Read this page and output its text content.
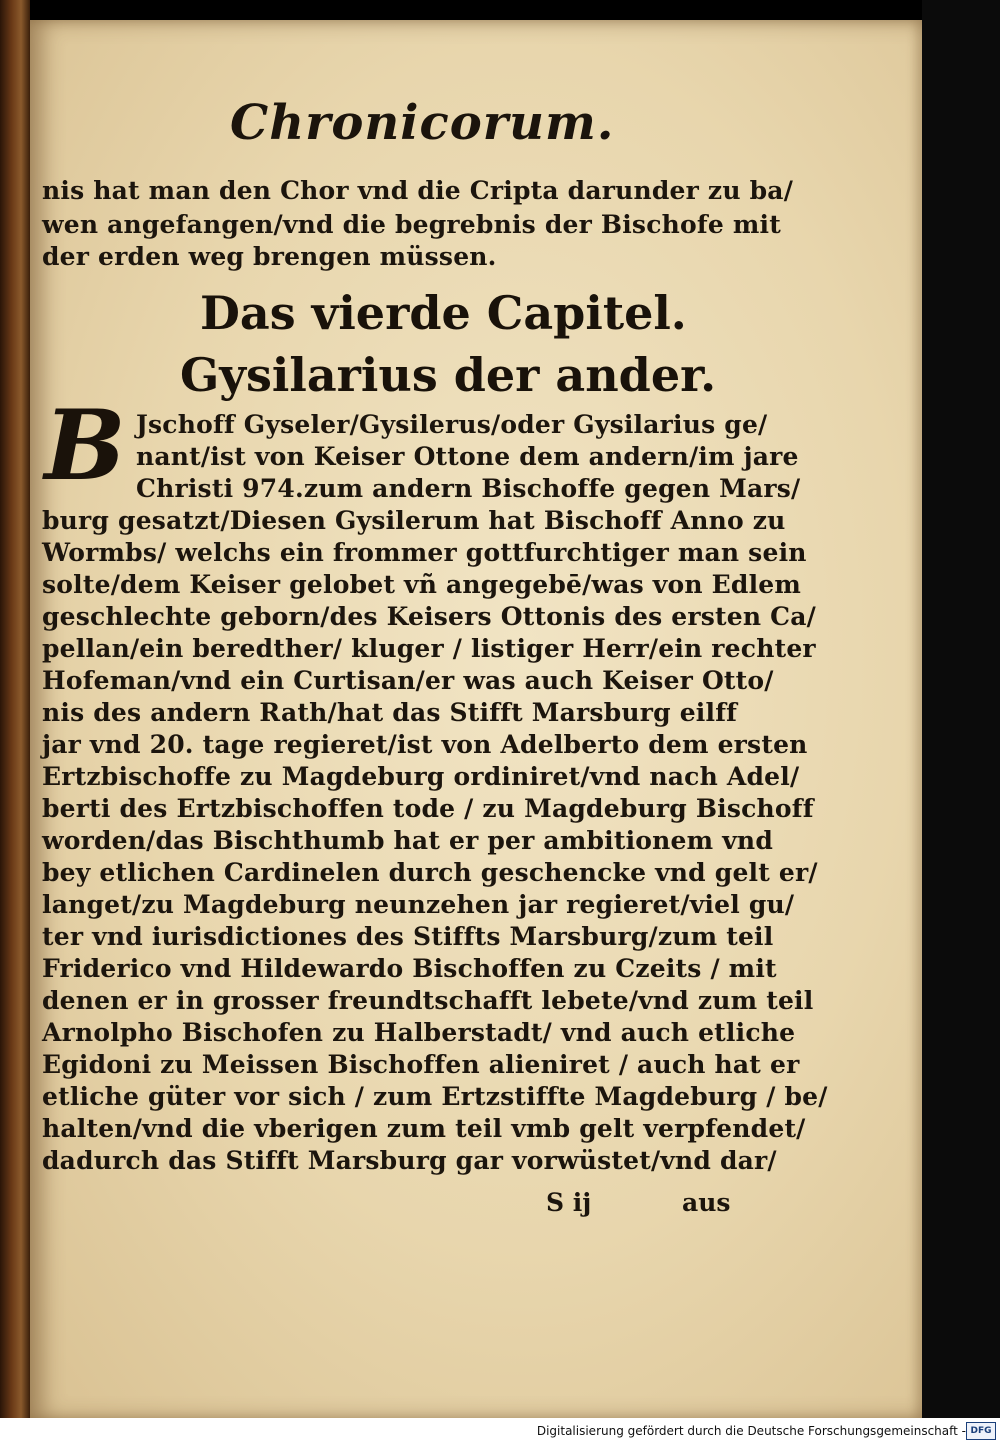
Chronicorum.
nis hat man den Chor vnd die Cripta darunder zu ba/
wen angefangen/vnd die begrebnis der Bischofe mit
der erden weg brengen müssen.
Das vierde Capitel.
Gysilarius der ander.
B Jschoff Gyseler/Gysilerus/oder Gysilarius ge/
nant/ist von Keiser Ottone dem andern/im jare
Christi 974.zum andern Bischoffe gegen Mars/
burg gesatzt/Diesen Gysilerum hat Bischoff Anno zu
Wormbs/ welchs ein frommer gottfurchtiger man sein
solte/dem Keiser gelobet vñ angegebē/was von Edlem
geschlechte geborn/des Keisers Ottonis des ersten Ca/
pellan/ein beredther/ kluger / listiger Herr/ein rechter
Hofeman/vnd ein Curtisan/er was auch Keiser Otto/
nis des andern Rath/hat das Stifft Marsburg eilff
jar vnd 20. tage regieret/ist von Adelberto dem ersten
Ertzbischoffe zu Magdeburg ordiniret/vnd nach Adel/
berti des Ertzbischoffen tode / zu Magdeburg Bischoff
worden/das Bischthumb hat er per ambitionem vnd
bey etlichen Cardinelen durch geschencke vnd gelt er/
langet/zu Magdeburg neunzehen jar regieret/viel gu/
ter vnd iurisdictiones des Stiffts Marsburg/zum teil
Friderico vnd Hildewardo Bischoffen zu Czeits / mit
denen er in grosser freundtschafft lebete/vnd zum teil
Arnolpho Bischofen zu Halberstadt/ vnd auch etliche
Egidoni zu Meissen Bischoffen alieniret / auch hat er
etliche güter vor sich / zum Ertzstiffte Magdeburg / be/
halten/vnd die vberigen zum teil vmb gelt verpfendet/
dadurch das Stifft Marsburg gar vorwüstet/vnd dar/
S ij	aus
Digitalisierung gefördert durch die Deutsche Forschungsgemeinschaft - DFG
